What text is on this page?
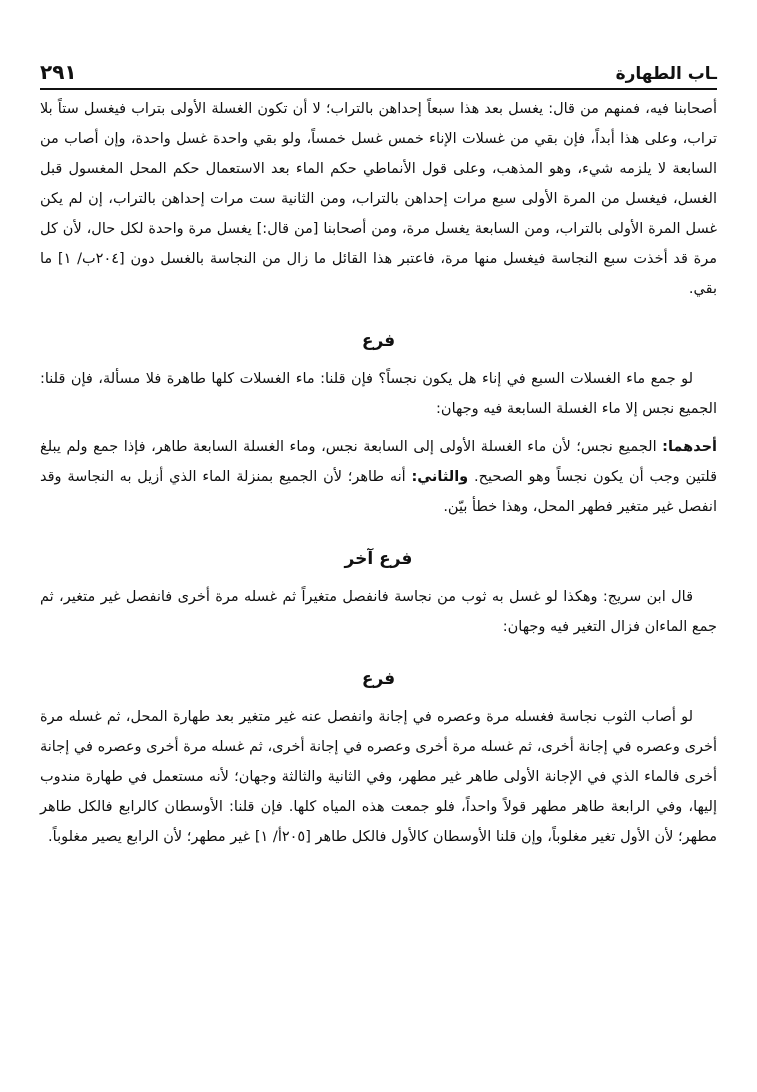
ـاب الطهارة
٢٩١

أصحابنا فيه، فمنهم من قال: يغسل بعد هذا سبعاً إحداهن بالتراب؛ لا أن تكون الغسلة الأولى بتراب فيغسل ستاً بلا تراب، وعلى هذا أبداً، فإن بقي من غسلات الإناء خمس غسل خمساً، ولو بقي واحدة غسل واحدة، وإن أصاب من السابعة لا يلزمه شيء، وهو المذهب، وعلى قول الأنماطي حكم الماء بعد الاستعمال حكم المحل المغسول قبل الغسل، فيغسل من المرة الأولى سبع مرات إحداهن بالتراب، ومن الثانية ست مرات إحداهن بالتراب، إن لم يكن غسل المرة الأولى بالتراب، ومن السابعة يغسل مرة، ومن أصحابنا [من قال:] يغسل مرة واحدة لكل حال، لأن كل مرة قد أخذت سبع النجاسة فيغسل منها مرة، فاعتبر هذا القائل ما زال من النجاسة بالغسل دون [٢٠٤ب/ ١] ما بقي.

فرع

لو جمع ماء الغسلات السبع في إناء هل يكون نجساً؟ فإن قلنا: ماء الغسلات كلها طاهرة فلا مسألة، فإن قلنا: الجميع نجس إلا ماء الغسلة السابعة فيه وجهان:

أحدهما: الجميع نجس؛ لأن ماء الغسلة الأولى إلى السابعة نجس، وماء الغسلة السابعة طاهر، فإذا جمع ولم يبلغ قلتين وجب أن يكون نجساً وهو الصحيح. والثاني: أنه طاهر؛ لأن الجميع بمنزلة الماء الذي أزيل به النجاسة وقد انفصل غير متغير فطهر المحل، وهذا خطأ بيّن.

فرع آخر

قال ابن سريج: وهكذا لو غسل به ثوب من نجاسة فانفصل متغيراً ثم غسله مرة أخرى فانفصل غير متغير، ثم جمع الماءان فزال التغير فيه وجهان:

فرع

لو أصاب الثوب نجاسة فغسله مرة وعصره في إجانة وانفصل عنه غير متغير بعد طهارة المحل، ثم غسله مرة أخرى وعصره في إجانة أخرى، ثم غسله مرة أخرى وعصره في إجانة أخرى، ثم غسله مرة أخرى وعصره في إجانة أخرى فالماء الذي في الإجانة الأولى طاهر غير مطهر، وفي الثانية والثالثة وجهان؛ لأنه مستعمل في طهارة مندوب إليها، وفي الرابعة طاهر مطهر قولاً واحداً، فلو جمعت هذه المياه كلها. فإن قلنا: الأوسطان كالرابع فالكل طاهر مطهر؛ لأن الأول تغير مغلوباً، وإن قلنا الأوسطان كالأول فالكل طاهر [٢٠٥أ/ ١] غير مطهر؛ لأن الرابع يصير مغلوباً.
